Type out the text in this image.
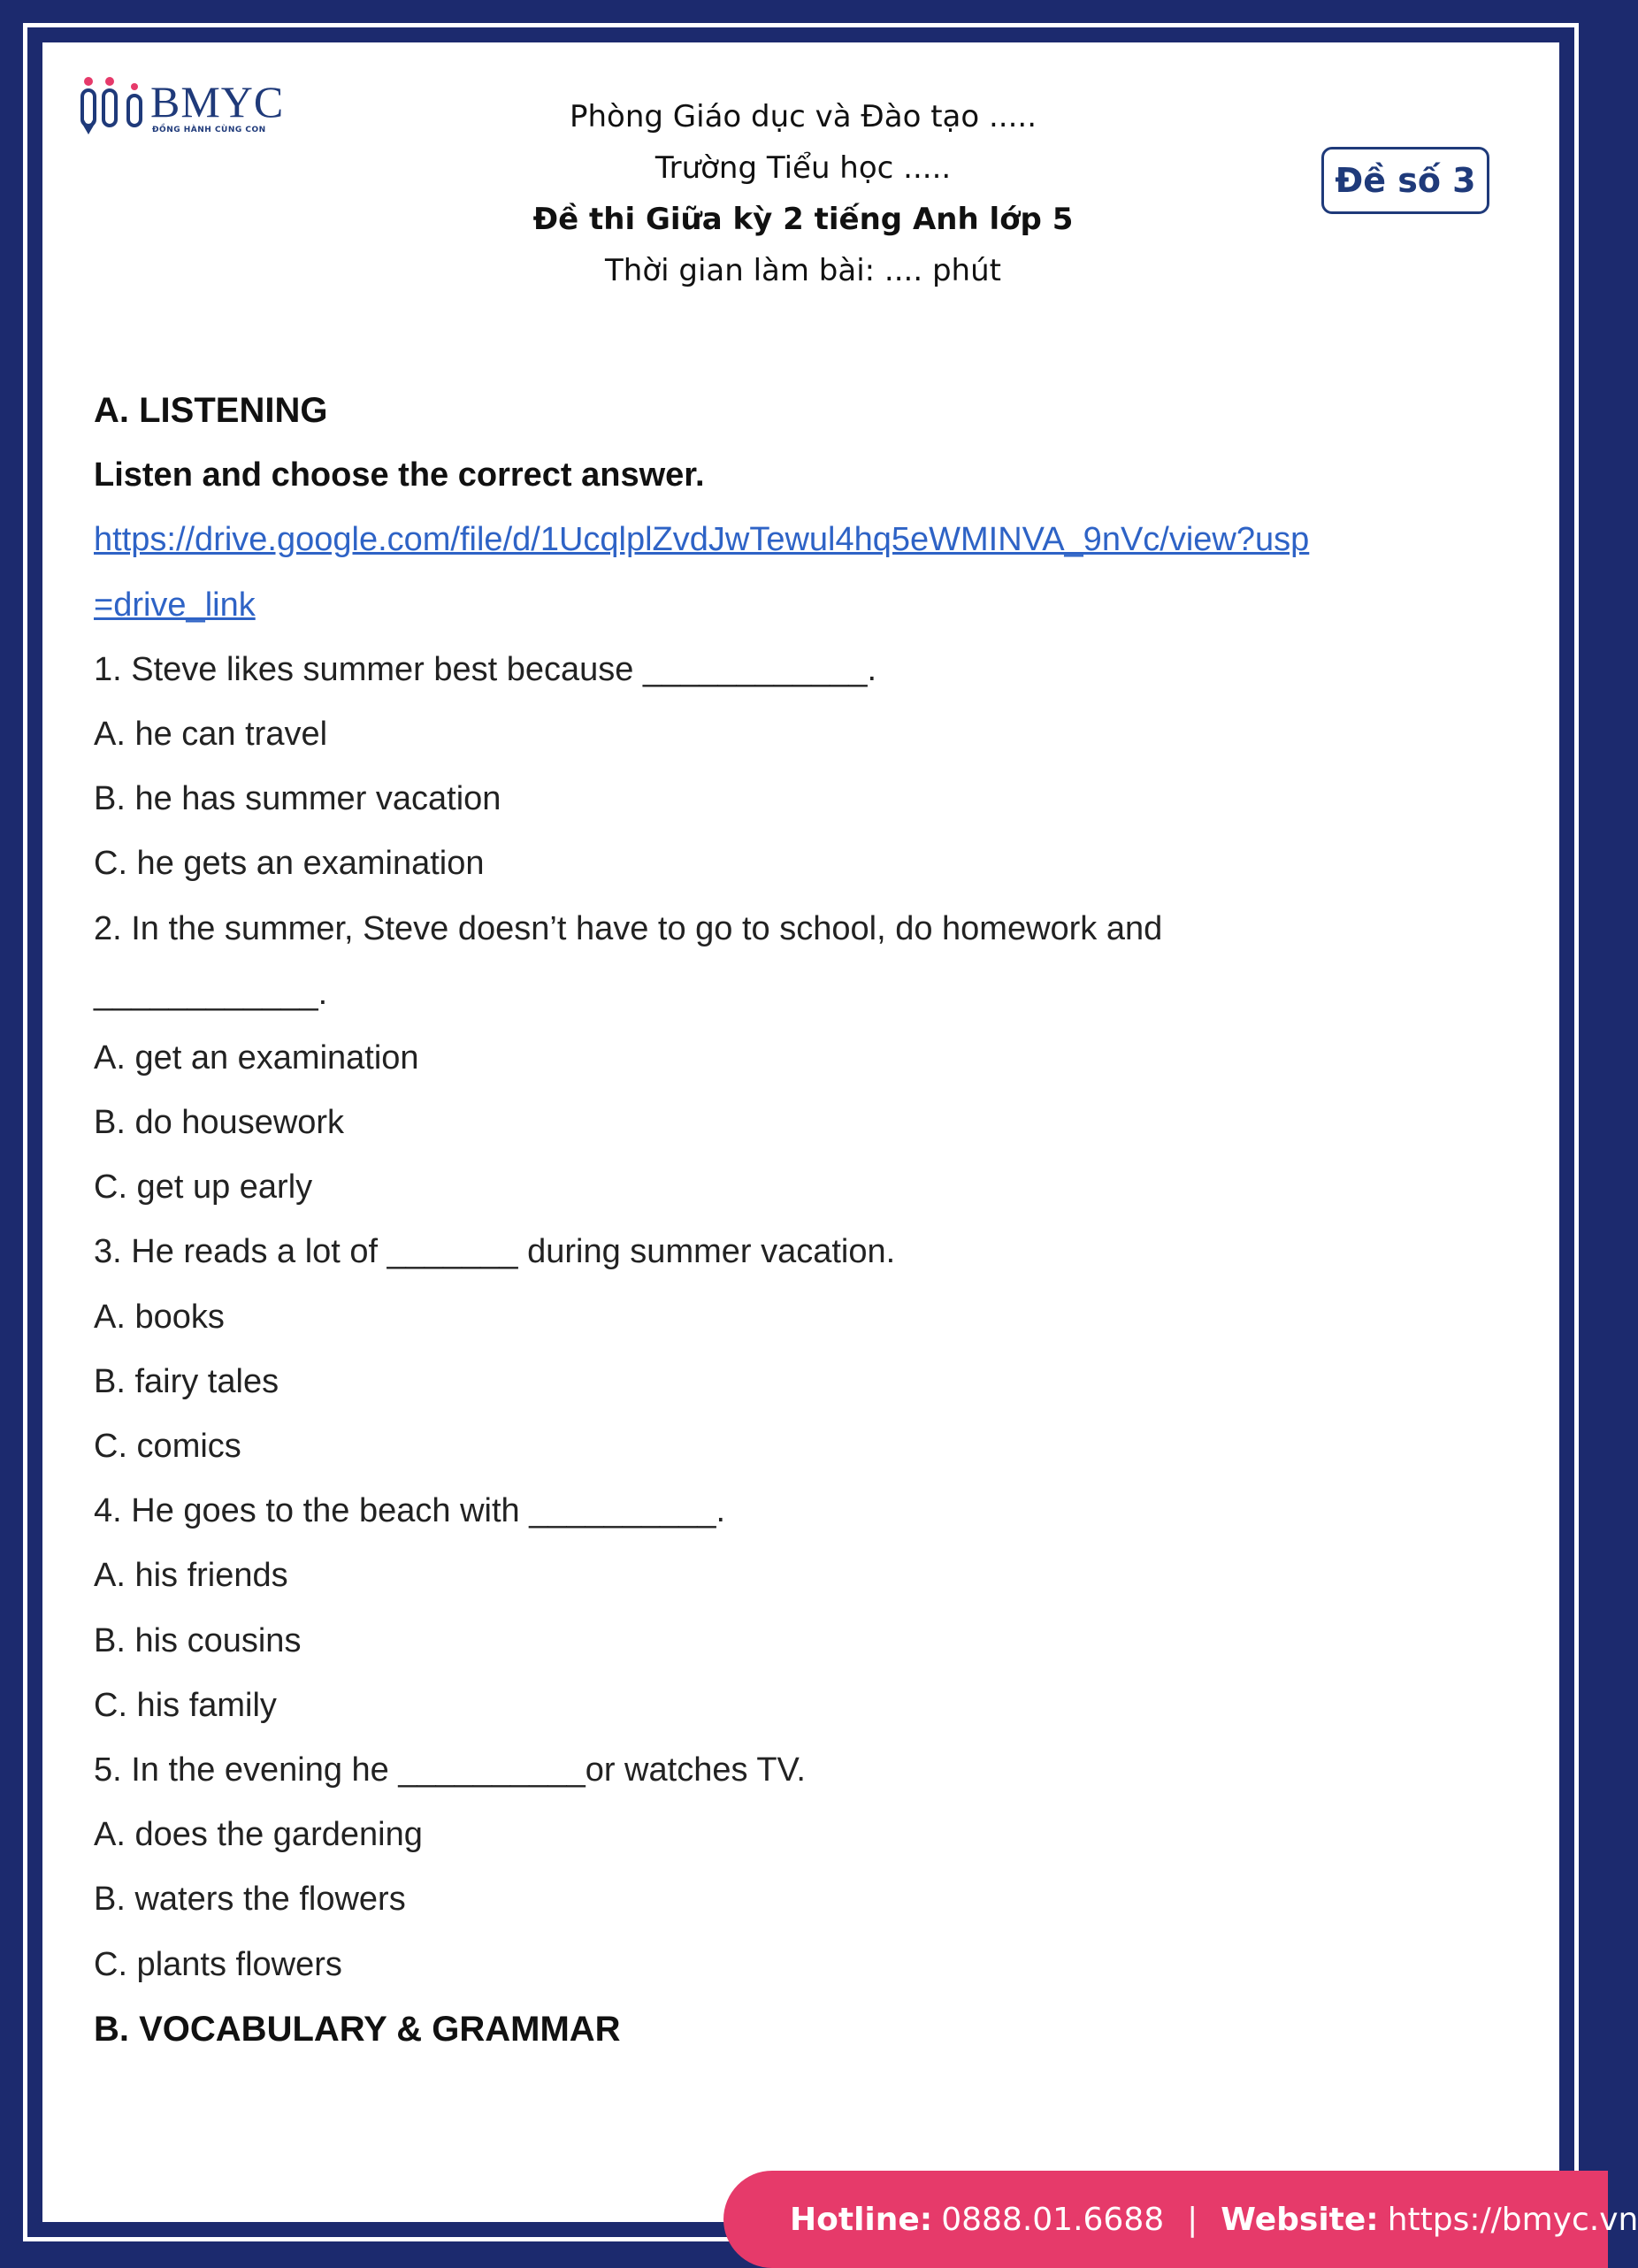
BMYC
ĐỒNG HÀNH CÙNG CON	Phòng Giáo dục và Đào tạo .....
Trường Tiểu học .....
Đề thi Giữa kỳ 2 tiếng Anh lớp 5
Thời gian làm bài: .... phút
Đề số 3
A. LISTENING
Listen and choose the correct answer.
https://drive.google.com/file/d/1UcqlplZvdJwTewul4hq5eWMINVA_9nVc/view?usp
=drive_link
1. Steve likes summer best because ____________.
A. he can travel
B. he has summer vacation
C. he gets an examination
2. In the summer, Steve doesn’t have to go to school, do homework and
____________.
A. get an examination
B. do housework
C. get up early
3. He reads a lot of _______ during summer vacation.
A. books
B. fairy tales
C. comics
4. He goes to the beach with __________.
A. his friends
B. his cousins
C. his family
5. In the evening he __________or watches TV.
A. does the gardening
B. waters the flowers
C. plants flowers
B. VOCABULARY & GRAMMAR
Hotline: 0888.01.6688 | Website: https://bmyc.vn
